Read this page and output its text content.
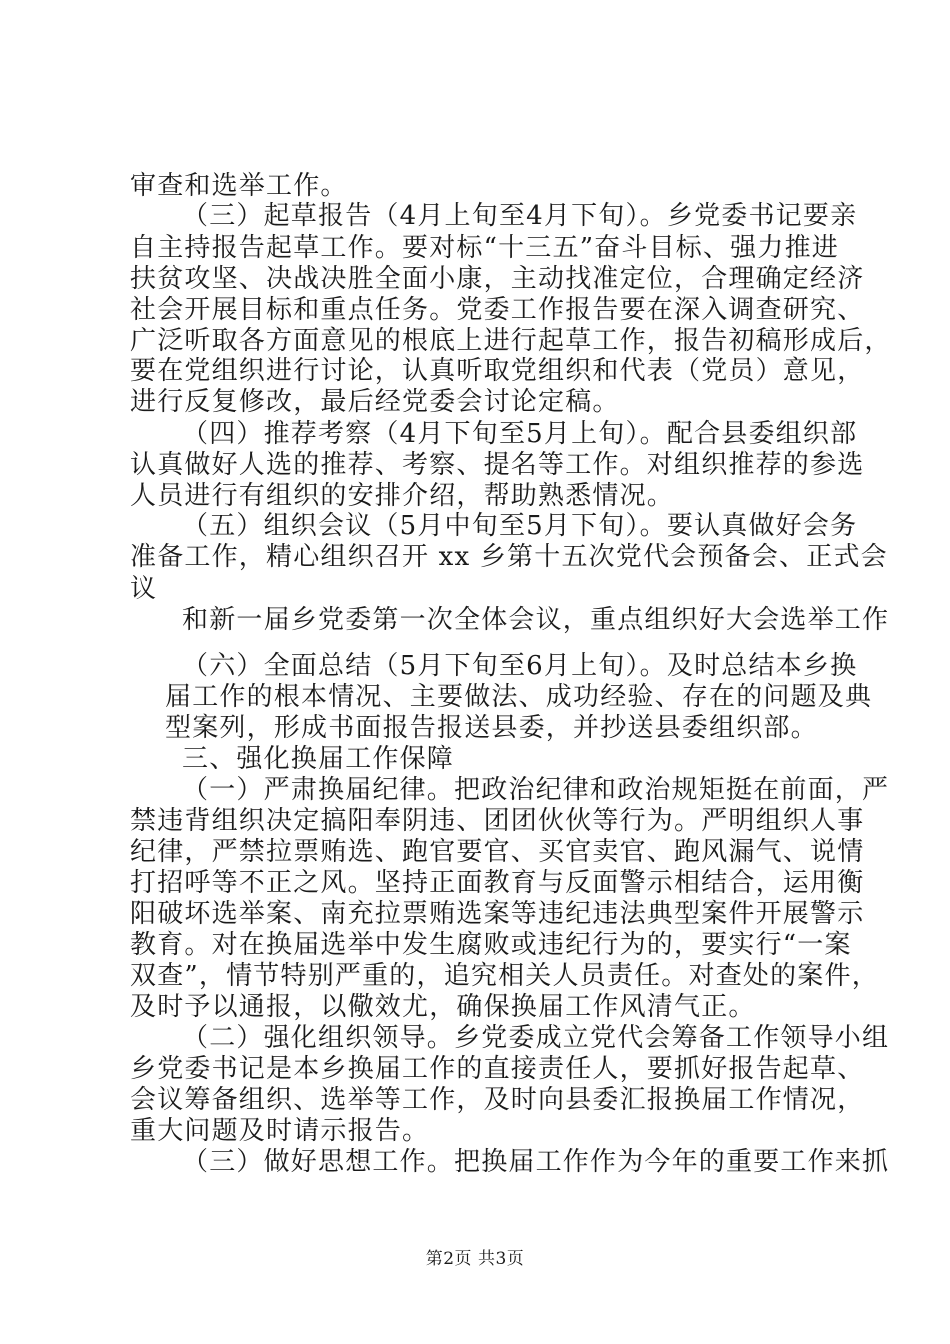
审查和选举工作。
（三）起草报告（4月上旬至4月下旬）。乡党委书记要亲
自主持报告起草工作。要对标“十三五”奋斗目标、强力推进
扶贫攻坚、决战决胜全面小康，主动找准定位，合理确定经济
社会开展目标和重点任务。党委工作报告要在深入调查研究、
广泛听取各方面意见的根底上进行起草工作，报告初稿形成后，
要在党组织进行讨论，认真听取党组织和代表（党员）意见，
进行反复修改，最后经党委会讨论定稿。
（四）推荐考察（4月下旬至5月上旬）。配合县委组织部
认真做好人选的推荐、考察、提名等工作。对组织推荐的参选
人员进行有组织的安排介绍，帮助熟悉情况。
（五）组织会议（5月中旬至5月下旬）。要认真做好会务
准备工作，精心组织召开 xx 乡第十五次党代会预备会、正式会
议
和新一届乡党委第一次全体会议，重点组织好大会选举工作
（六）全面总结（5月下旬至6月上旬）。及时总结本乡换
届工作的根本情况、主要做法、成功经验、存在的问题及典
型案列，形成书面报告报送县委，并抄送县委组织部。
三、强化换届工作保障
（一）严肃换届纪律。把政治纪律和政治规矩挺在前面，严
禁违背组织决定搞阳奉阴违、团团伙伙等行为。严明组织人事
纪律，严禁拉票贿选、跑官要官、买官卖官、跑风漏气、说情
打招呼等不正之风。坚持正面教育与反面警示相结合，运用衡
阳破坏选举案、南充拉票贿选案等违纪违法典型案件开展警示
教育。对在换届选举中发生腐败或违纪行为的，要实行“一案
双查”，情节特别严重的，追究相关人员责任。对查处的案件，
及时予以通报，以儆效尤，确保换届工作风清气正。
（二）强化组织领导。乡党委成立党代会筹备工作领导小组
乡党委书记是本乡换届工作的直接责任人，要抓好报告起草、
会议筹备组织、选举等工作，及时向县委汇报换届工作情况，
重大问题及时请示报告。
（三）做好思想工作。把换届工作作为今年的重要工作来抓
第2页 共3页
